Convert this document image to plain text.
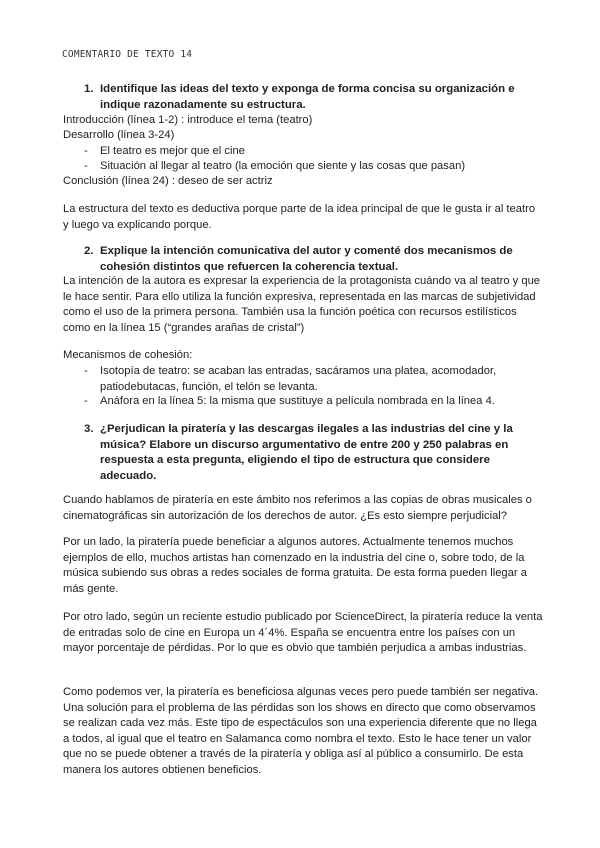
COMENTARIO DE TEXTO 14
1. Identifique las ideas del texto y exponga de forma concisa su organización e indique razonadamente su estructura.

Introducción (línea 1-2) : introduce el tema (teatro)

Desarrollo (línea 3-24)

- El teatro es mejor que el cine
- Situación al llegar al teatro (la emoción que siente y las cosas que pasan)

Conclusión (línea 24) : deseo de ser actriz

La estructura del texto es deductiva porque parte de la idea principal de que le gusta ir al teatro y luego va explicando porque.

2. Explique la intención comunicativa del autor y comenté dos mecanismos de cohesión distintos que refuercen la coherencia textual.

La intención de la autora es expresar la experiencia de la protagonista cuándo va al teatro y que le hace sentir. Para ello utiliza la función expresiva, representada en las marcas de subjetividad como el uso de la primera persona. También usa la función poética con recursos estilísticos como en la línea 15 (“grandes arañas de cristal”)

Mecanismos de cohesión:

- Isotopía de teatro: se acaban las entradas, sacáramos una platea, acomodador, patiodebutacas, función, el telón se levanta.
- Anáfora en la línea 5: la misma que sustituye a película nombrada en la línea 4.
3. ¿Perjudican la piratería y las descargas ilegales a las industrias del cine y la música? Elabore un discurso argumentativo de entre 200 y 250 palabras en respuesta a esta pregunta, eligiendo el tipo de estructura que considere adecuado.

Cuando hablamos de piratería en este ámbito nos referimos a las copias de obras musicales o cinematográficas sin autorización de los derechos de autor. ¿Es esto siempre perjudicial?

Por un lado, la piratería puede beneficiar a algunos autores. Actualmente tenemos muchos ejemplos de ello, muchos artistas han comenzado en la industria del cine o, sobre todo, de la música subiendo sus obras a redes sociales de forma gratuita. De esta forma pueden llegar a más gente.

Por otro lado, según un reciente estudio publicado por ScienceDirect, la piratería reduce la venta de entradas solo de cine en Europa un 4´4%. España se encuentra entre los países con un mayor porcentaje de pérdidas. Por lo que es obvio que también perjudica a ambas industrias.

Como podemos ver, la piratería es beneficiosa algunas veces pero puede también ser negativa. Una solución para el problema de las pérdidas son los shows en directo que como observamos se realizan cada vez más. Este tipo de espectáculos son una experiencia diferente que no llega a todos, al igual que el teatro en Salamanca como nombra el texto. Esto le hace tener un valor que no se puede obtener a través de la piratería y obliga así al público a consumirlo. De esta manera los autores obtienen beneficios.
